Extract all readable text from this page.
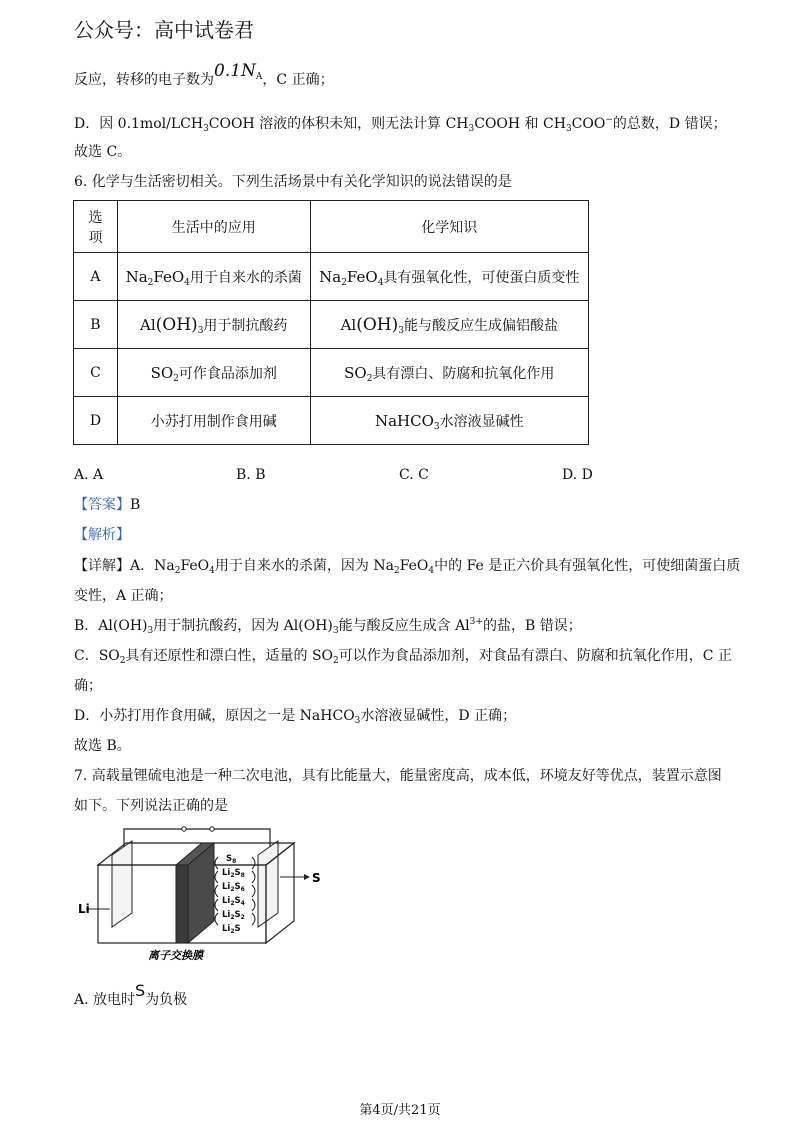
公众号：高中试卷君
反应，转移的电子数为$0.1N_A$，C 正确；
D．因 $0.1mol/LCH_3COOH$ 溶液的体积未知，则无法计算 $CH_3COOH$ 和 $CH_3COO^-$的总数，D 错误；
故选 C。
6. 化学与生活密切相关。下列生活场景中有关化学知识的说法错误的是
选
项	生活中的应用	化学知识
A	$Na_2FeO_4$用于自来水的杀菌	$Na_2FeO_4$具有强氧化性，可使蛋白质变性
B	$Al(OH)_3$用于制抗酸药	$Al(OH)_3$能与酸反应生成偏铝酸盐
C	$SO_2$可作食品添加剂	$SO_2$具有漂白、防腐和抗氧化作用
D	小苏打用制作食用碱	NaHCO$_3$水溶液显碱性
A. A	B. B	C. C	D. D
【答案】B
【解析】
【详解】A．$Na_2FeO_4$用于自来水的杀菌，因为 $Na_2FeO_4$中的 Fe 是正六价具有强氧化性，可使细菌蛋白质
变性，A 正确；
B．$Al(OH)_3$用于制抗酸药，因为 $Al(OH)_3$能与酸反应生成含 $Al^{3+}$的盐，B 错误；
C．$SO_2$具有还原性和漂白性，适量的 $SO_2$可以作为食品添加剂，对食品有漂白、防腐和抗氧化作用，C 正
确；
D．小苏打用作食用碱，原因之一是 NaHCO$_3$水溶液显碱性，D 正确；
故选 B。
7. 高载量锂硫电池是一种二次电池，具有比能量大，能量密度高，成本低，环境友好等优点，装置示意图
如下。下列说法正确的是
$S_8$
$Li_2S_8$
$Li_2S_6$
$Li_2S_4$
$Li_2S_2$
$Li_2S$
Li
S
离子交换膜
A. 放电时S为负极
第4页/共21页
